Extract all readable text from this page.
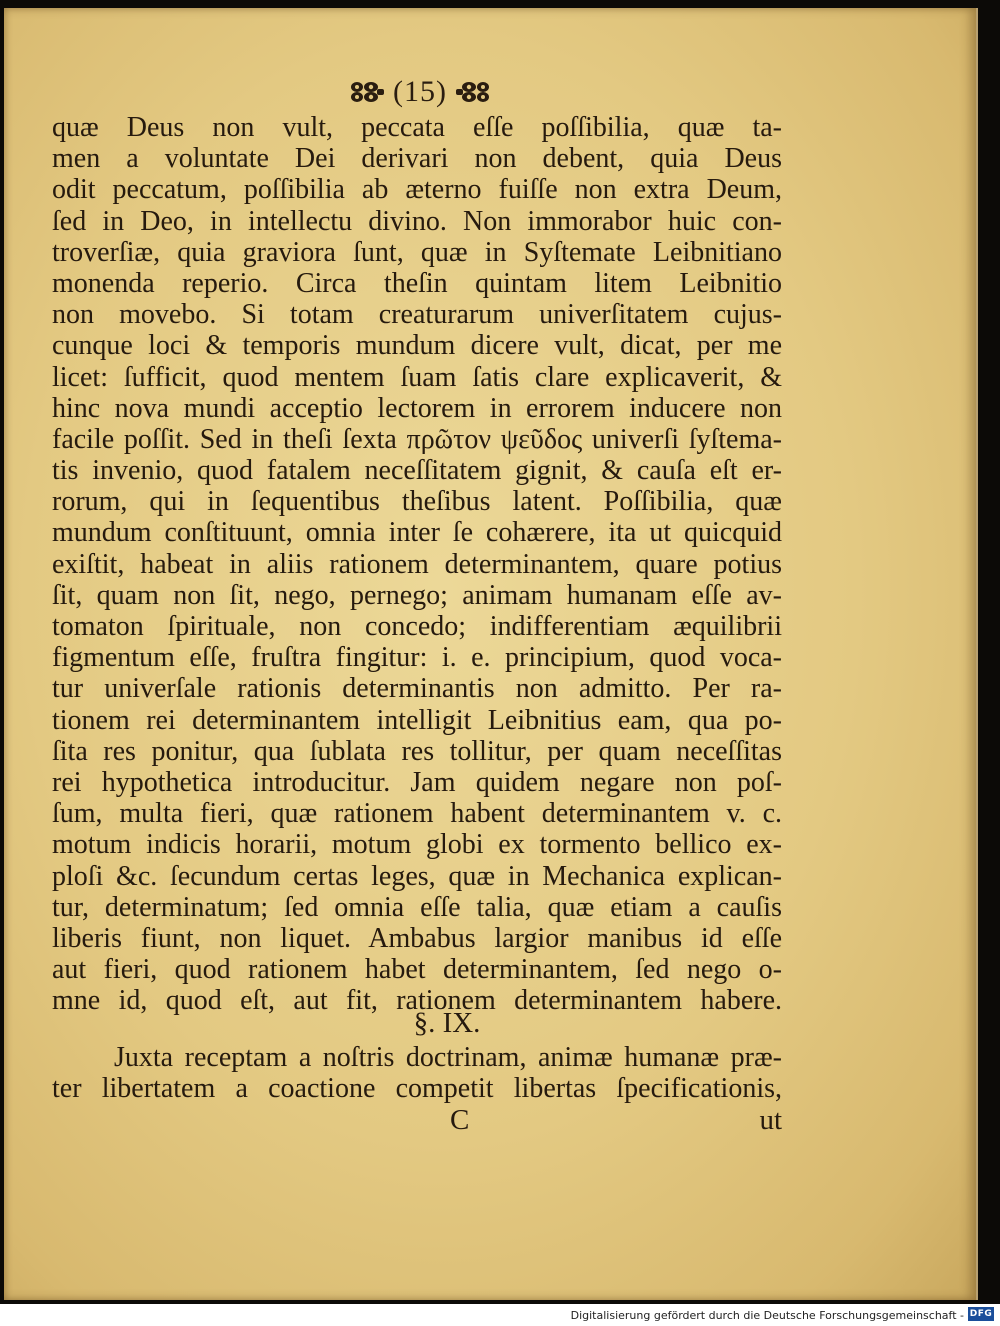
(15)
quæ Deus non vult, peccata eſſe poſſibilia, quæ ta-
men a voluntate Dei derivari non debent, quia Deus
odit peccatum, poſſibilia ab æterno fuiſſe non extra Deum,
ſed in Deo, in intellectu divino. Non immorabor huic con-
troverſiæ, quia graviora ſunt, quæ in Syſtemate Leibnitiano
monenda reperio. Circa theſin quintam litem Leibnitio
non movebo. Si totam creaturarum univerſitatem cujus-
cunque loci & temporis mundum dicere vult, dicat, per me
licet: ſufficit, quod mentem ſuam ſatis clare explicaverit, &
hinc nova mundi acceptio lectorem in errorem inducere non
facile poſſit. Sed in theſi ſexta πρῶτον ψεῦδος univerſi ſyſtema-
tis invenio, quod fatalem neceſſitatem gignit, & cauſa eſt er-
rorum, qui in ſequentibus theſibus latent. Poſſibilia, quæ
mundum conſtituunt, omnia inter ſe cohærere, ita ut quicquid
exiſtit, habeat in aliis rationem determinantem, quare potius
ſit, quam non ſit, nego, pernego; animam humanam eſſe av-
tomaton ſpirituale, non concedo; indifferentiam æquilibrii
figmentum eſſe, fruſtra fingitur: i. e. principium, quod voca-
tur univerſale rationis determinantis non admitto. Per ra-
tionem rei determinantem intelligit Leibnitius eam, qua po-
ſita res ponitur, qua ſublata res tollitur, per quam neceſſitas
rei hypothetica introducitur. Jam quidem negare non poſ-
ſum, multa fieri, quæ rationem habent determinantem v. c.
motum indicis horarii, motum globi ex tormento bellico ex-
ploſi &c. ſecundum certas leges, quæ in Mechanica explican-
tur, determinatum; ſed omnia eſſe talia, quæ etiam a cauſis
liberis fiunt, non liquet. Ambabus largior manibus id eſſe
aut fieri, quod rationem habet determinantem, ſed nego o-
mne id, quod eſt, aut fit, rationem determinantem habere.
§. IX.
Juxta receptam a noſtris doctrinam, animæ humanæ præ-
ter libertatem a coactione competit libertas ſpecificationis,
C	ut
Digitalisierung gefördert durch die Deutsche Forschungsgemeinschaft - DFG
